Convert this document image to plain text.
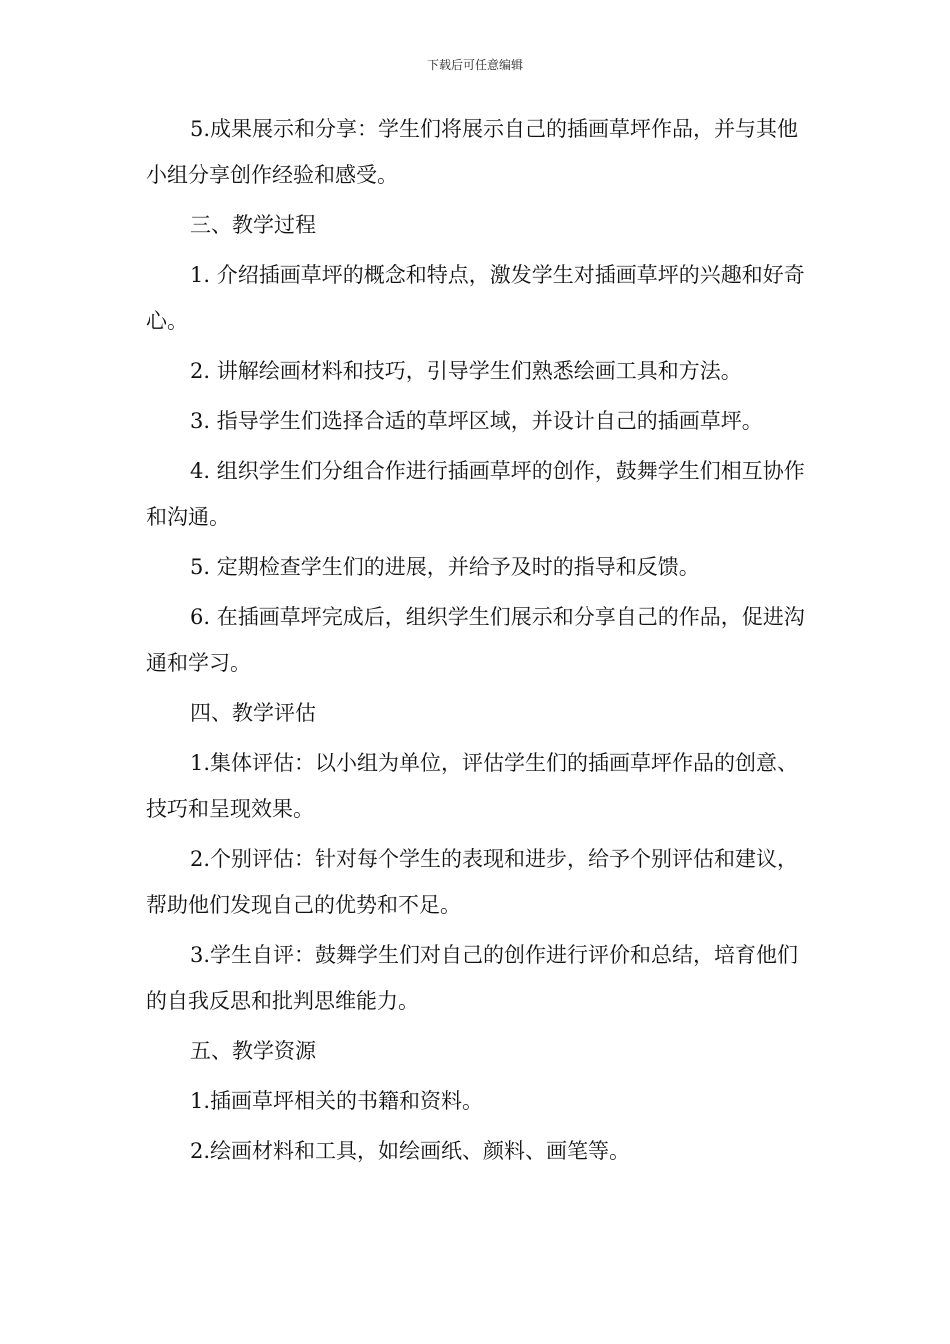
下载后可任意编辑

5.成果展示和分享：学生们将展示自己的插画草坪作品，并与其他小组分享创作经验和感受。

三、教学过程

1. 介绍插画草坪的概念和特点，激发学生对插画草坪的兴趣和好奇心。

2. 讲解绘画材料和技巧，引导学生们熟悉绘画工具和方法。

3. 指导学生们选择合适的草坪区域，并设计自己的插画草坪。

4. 组织学生们分组合作进行插画草坪的创作，鼓舞学生们相互协作和沟通。

5. 定期检查学生们的进展，并给予及时的指导和反馈。

6. 在插画草坪完成后，组织学生们展示和分享自己的作品，促进沟通和学习。

四、教学评估

1.集体评估：以小组为单位，评估学生们的插画草坪作品的创意、技巧和呈现效果。

2.个别评估：针对每个学生的表现和进步，给予个别评估和建议，帮助他们发现自己的优势和不足。

3.学生自评：鼓舞学生们对自己的创作进行评价和总结，培育他们的自我反思和批判思维能力。

五、教学资源

1.插画草坪相关的书籍和资料。

2.绘画材料和工具，如绘画纸、颜料、画笔等。
